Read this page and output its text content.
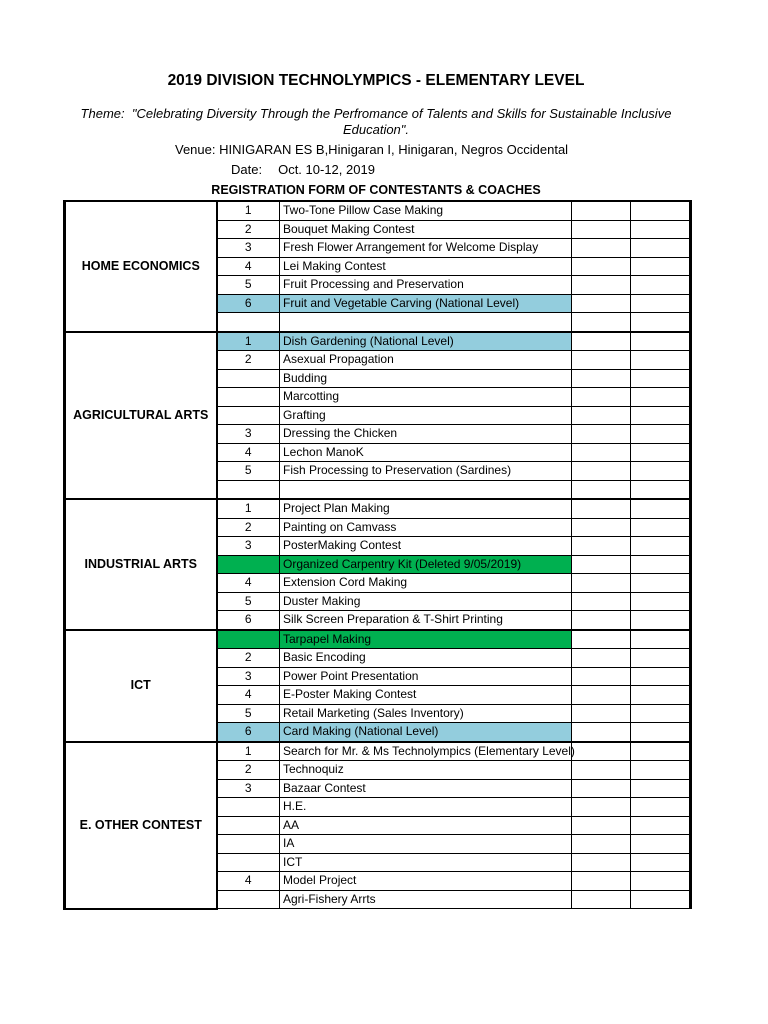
2019 DIVISION TECHNOLYMPICS - ELEMENTARY LEVEL
Theme: "Celebrating Diversity Through the Perfromance of Talents and Skills for Sustainable Inclusive Education".
Venue: HINIGARAN ES B,Hinigaran I, Hinigaran, Negros Occidental
Date: Oct. 10-12, 2019
REGISTRATION FORM OF CONTESTANTS & COACHES
HOME ECONOMICS	1	Two-Tone Pillow Case Making		
	2	Bouquet Making Contest		
	3	Fresh Flower Arrangement for Welcome Display		
	4	Lei Making Contest		
	5	Fruit Processing and Preservation		
	6	Fruit and Vegetable Carving (National Level)		

AGRICULTURAL ARTS	1	Dish Gardening (National Level)		
	2	Asexual Propagation		
		Budding		
		Marcotting		
		Grafting		
	3	Dressing the Chicken		
	4	Lechon ManoK		
	5	Fish Processing to Preservation (Sardines)		

INDUSTRIAL ARTS	1	Project Plan Making		
	2	Painting on Camvass		
	3	PosterMaking Contest		
		Organized Carpentry Kit (Deleted 9/05/2019)		
	4	Extension Cord Making		
	5	Duster Making		
	6	Silk Screen Preparation & T-Shirt Printing		
ICT		Tarpapel Making		
	2	Basic Encoding		
	3	Power Point Presentation		
	4	E-Poster Making Contest		
	5	Retail Marketing (Sales Inventory)		
	6	Card Making (National Level)		
E. OTHER CONTEST	1	Search for Mr. & Ms Technolympics (Elementary Level)		
	2	Technoquiz		
	3	Bazaar Contest		
		H.E.		
		AA		
		IA		
		ICT		
	4	Model Project		
		Agri-Fishery Arrts		
